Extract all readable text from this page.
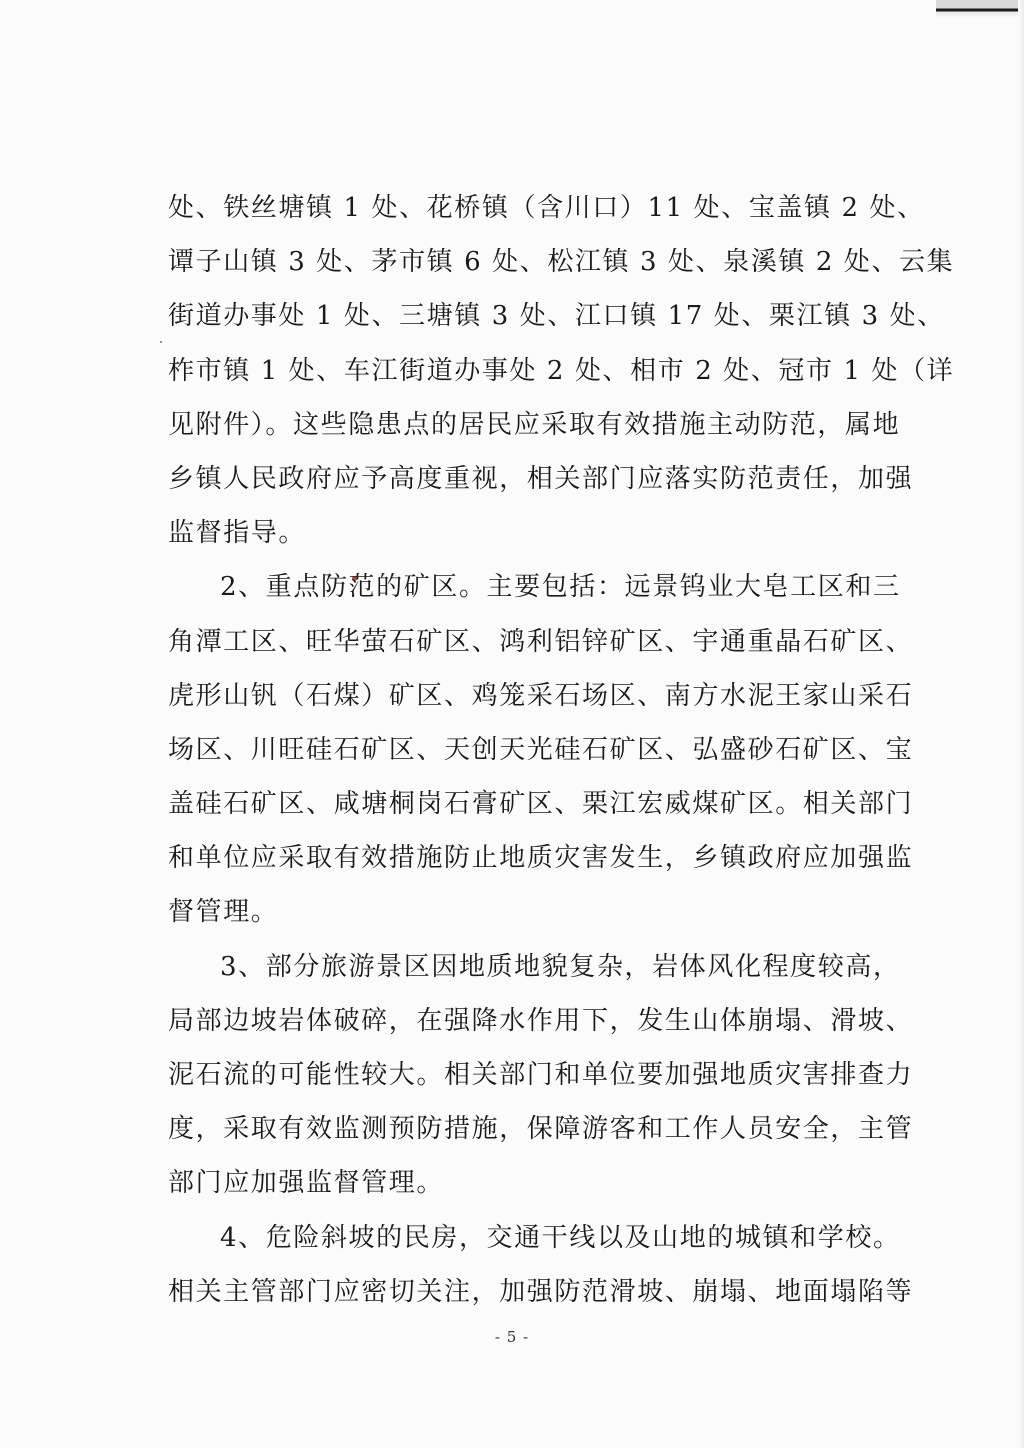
处、铁丝塘镇 1 处、花桥镇（含川口）11 处、宝盖镇 2 处、
谭子山镇 3 处、茅市镇 6 处、松江镇 3 处、泉溪镇 2 处、云集
街道办事处 1 处、三塘镇 3 处、江口镇 17 处、栗江镇 3 处、
柞市镇 1 处、车江街道办事处 2 处、相市 2 处、冠市 1 处（详
见附件）。这些隐患点的居民应采取有效措施主动防范，属地
乡镇人民政府应予高度重视，相关部门应落实防范责任，加强
监督指导。
2、重点防范的矿区。主要包括：远景钨业大皂工区和三
角潭工区、旺华萤石矿区、鸿利铝锌矿区、宇通重晶石矿区、
虎形山钒（石煤）矿区、鸡笼采石场区、南方水泥王家山采石
场区、川旺硅石矿区、天创天光硅石矿区、弘盛砂石矿区、宝
盖硅石矿区、咸塘桐岗石膏矿区、栗江宏威煤矿区。相关部门
和单位应采取有效措施防止地质灾害发生，乡镇政府应加强监
督管理。
3、部分旅游景区因地质地貌复杂，岩体风化程度较高，
局部边坡岩体破碎，在强降水作用下，发生山体崩塌、滑坡、
泥石流的可能性较大。相关部门和单位要加强地质灾害排查力
度，采取有效监测预防措施，保障游客和工作人员安全，主管
部门应加强监督管理。
4、危险斜坡的民房，交通干线以及山地的城镇和学校。
相关主管部门应密切关注，加强防范滑坡、崩塌、地面塌陷等
- 5 -
